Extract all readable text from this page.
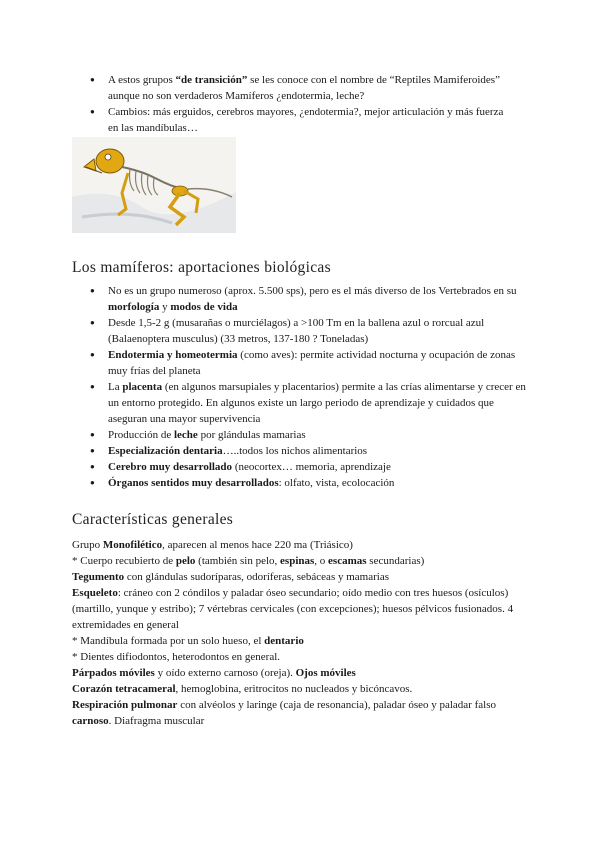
● A estos grupos “de transición” se les conoce con el nombre de “Reptiles Mamiferoides” aunque no son verdaderos Mamíferos ¿endotermia, leche?
● Cambios: más erguidos, cerebros mayores, ¿endotermia?, mejor articulación y más fuerza en las mandíbulas…
Los mamíferos: aportaciones biológicas
● No es un grupo numeroso (aprox. 5.500 sps), pero es el más diverso de los Vertebrados en su morfología y modos de vida
● Desde 1,5-2 g (musarañas o murciélagos) a >100 Tm en la ballena azul o rorcual azul (Balaenoptera musculus) (33 metros, 137-180 ? Toneladas)
● Endotermia y homeotermia (como aves): permite actividad nocturna y ocupación de zonas muy frías del planeta
● La placenta (en algunos marsupiales y placentarios) permite a las crías alimentarse y crecer en un entorno protegido. En algunos existe un largo periodo de aprendizaje y cuidados que aseguran una mayor supervivencia
● Producción de leche por glándulas mamarias
● Especialización dentaria…..todos los nichos alimentarios
● Cerebro muy desarrollado (neocortex… memoria, aprendizaje
● Órganos sentidos muy desarrollados: olfato, vista, ecolocación
Características generales

Grupo Monofilético, aparecen al menos hace 220 ma (Triásico)

* Cuerpo recubierto de pelo (también sin pelo, espinas, o escamas secundarias)

Tegumento con glándulas sudoríparas, odoríferas, sebáceas y mamarias

Esqueleto: cráneo con 2 cóndilos y paladar óseo secundario; oído medio con tres huesos (osículos) (martillo, yunque y estribo); 7 vértebras cervicales (con excepciones); huesos pélvicos fusionados. 4 extremidades en general

* Mandíbula formada por un solo hueso, el dentario

* Dientes difiodontos, heterodontos en general.

Párpados móviles y oído externo carnoso (oreja). Ojos móviles

Corazón tetracameral, hemoglobina, eritrocitos no nucleados y bicóncavos.

Respiración pulmonar con alvéolos y laringe (caja de resonancia), paladar óseo y paladar falso carnoso. Diafragma muscular
